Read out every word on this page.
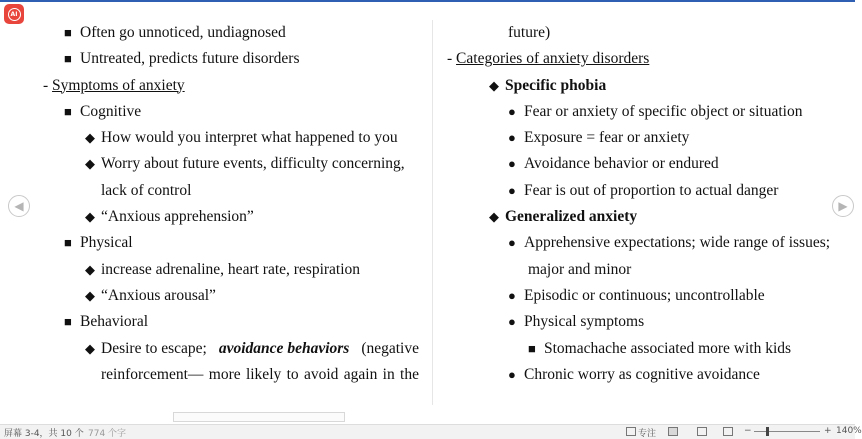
AI
■ Often go unnoticed, undiagnosed
■ Untreated, predicts future disorders
- Symptoms of anxiety
■ Cognitive
◆ How would you interpret what happened to you
◆ Worry about future events, difficulty concerning,
lack of control
◆ “Anxious apprehension”
■ Physical
◆ increase adrenaline, heart rate, respiration
◆ “Anxious arousal”
■ Behavioral
◆ Desire to escape; avoidance behaviors (negative
reinforcement— more likely to avoid again in the
future)
- Categories of anxiety disorders
◆ Specific phobia
● Fear or anxiety of specific object or situation
● Exposure = fear or anxiety
● Avoidance behavior or endured
● Fear is out of proportion to actual danger
◆ Generalized anxiety
● Apprehensive expectations; wide range of issues;
major and minor
● Episodic or continuous; uncontrollable
● Physical symptoms
■ Stomachache associated more with kids
● Chronic worry as cognitive avoidance
◀	▶
屏幕 3-4，共 10 个 774 个字	专注	−	+ 140%
